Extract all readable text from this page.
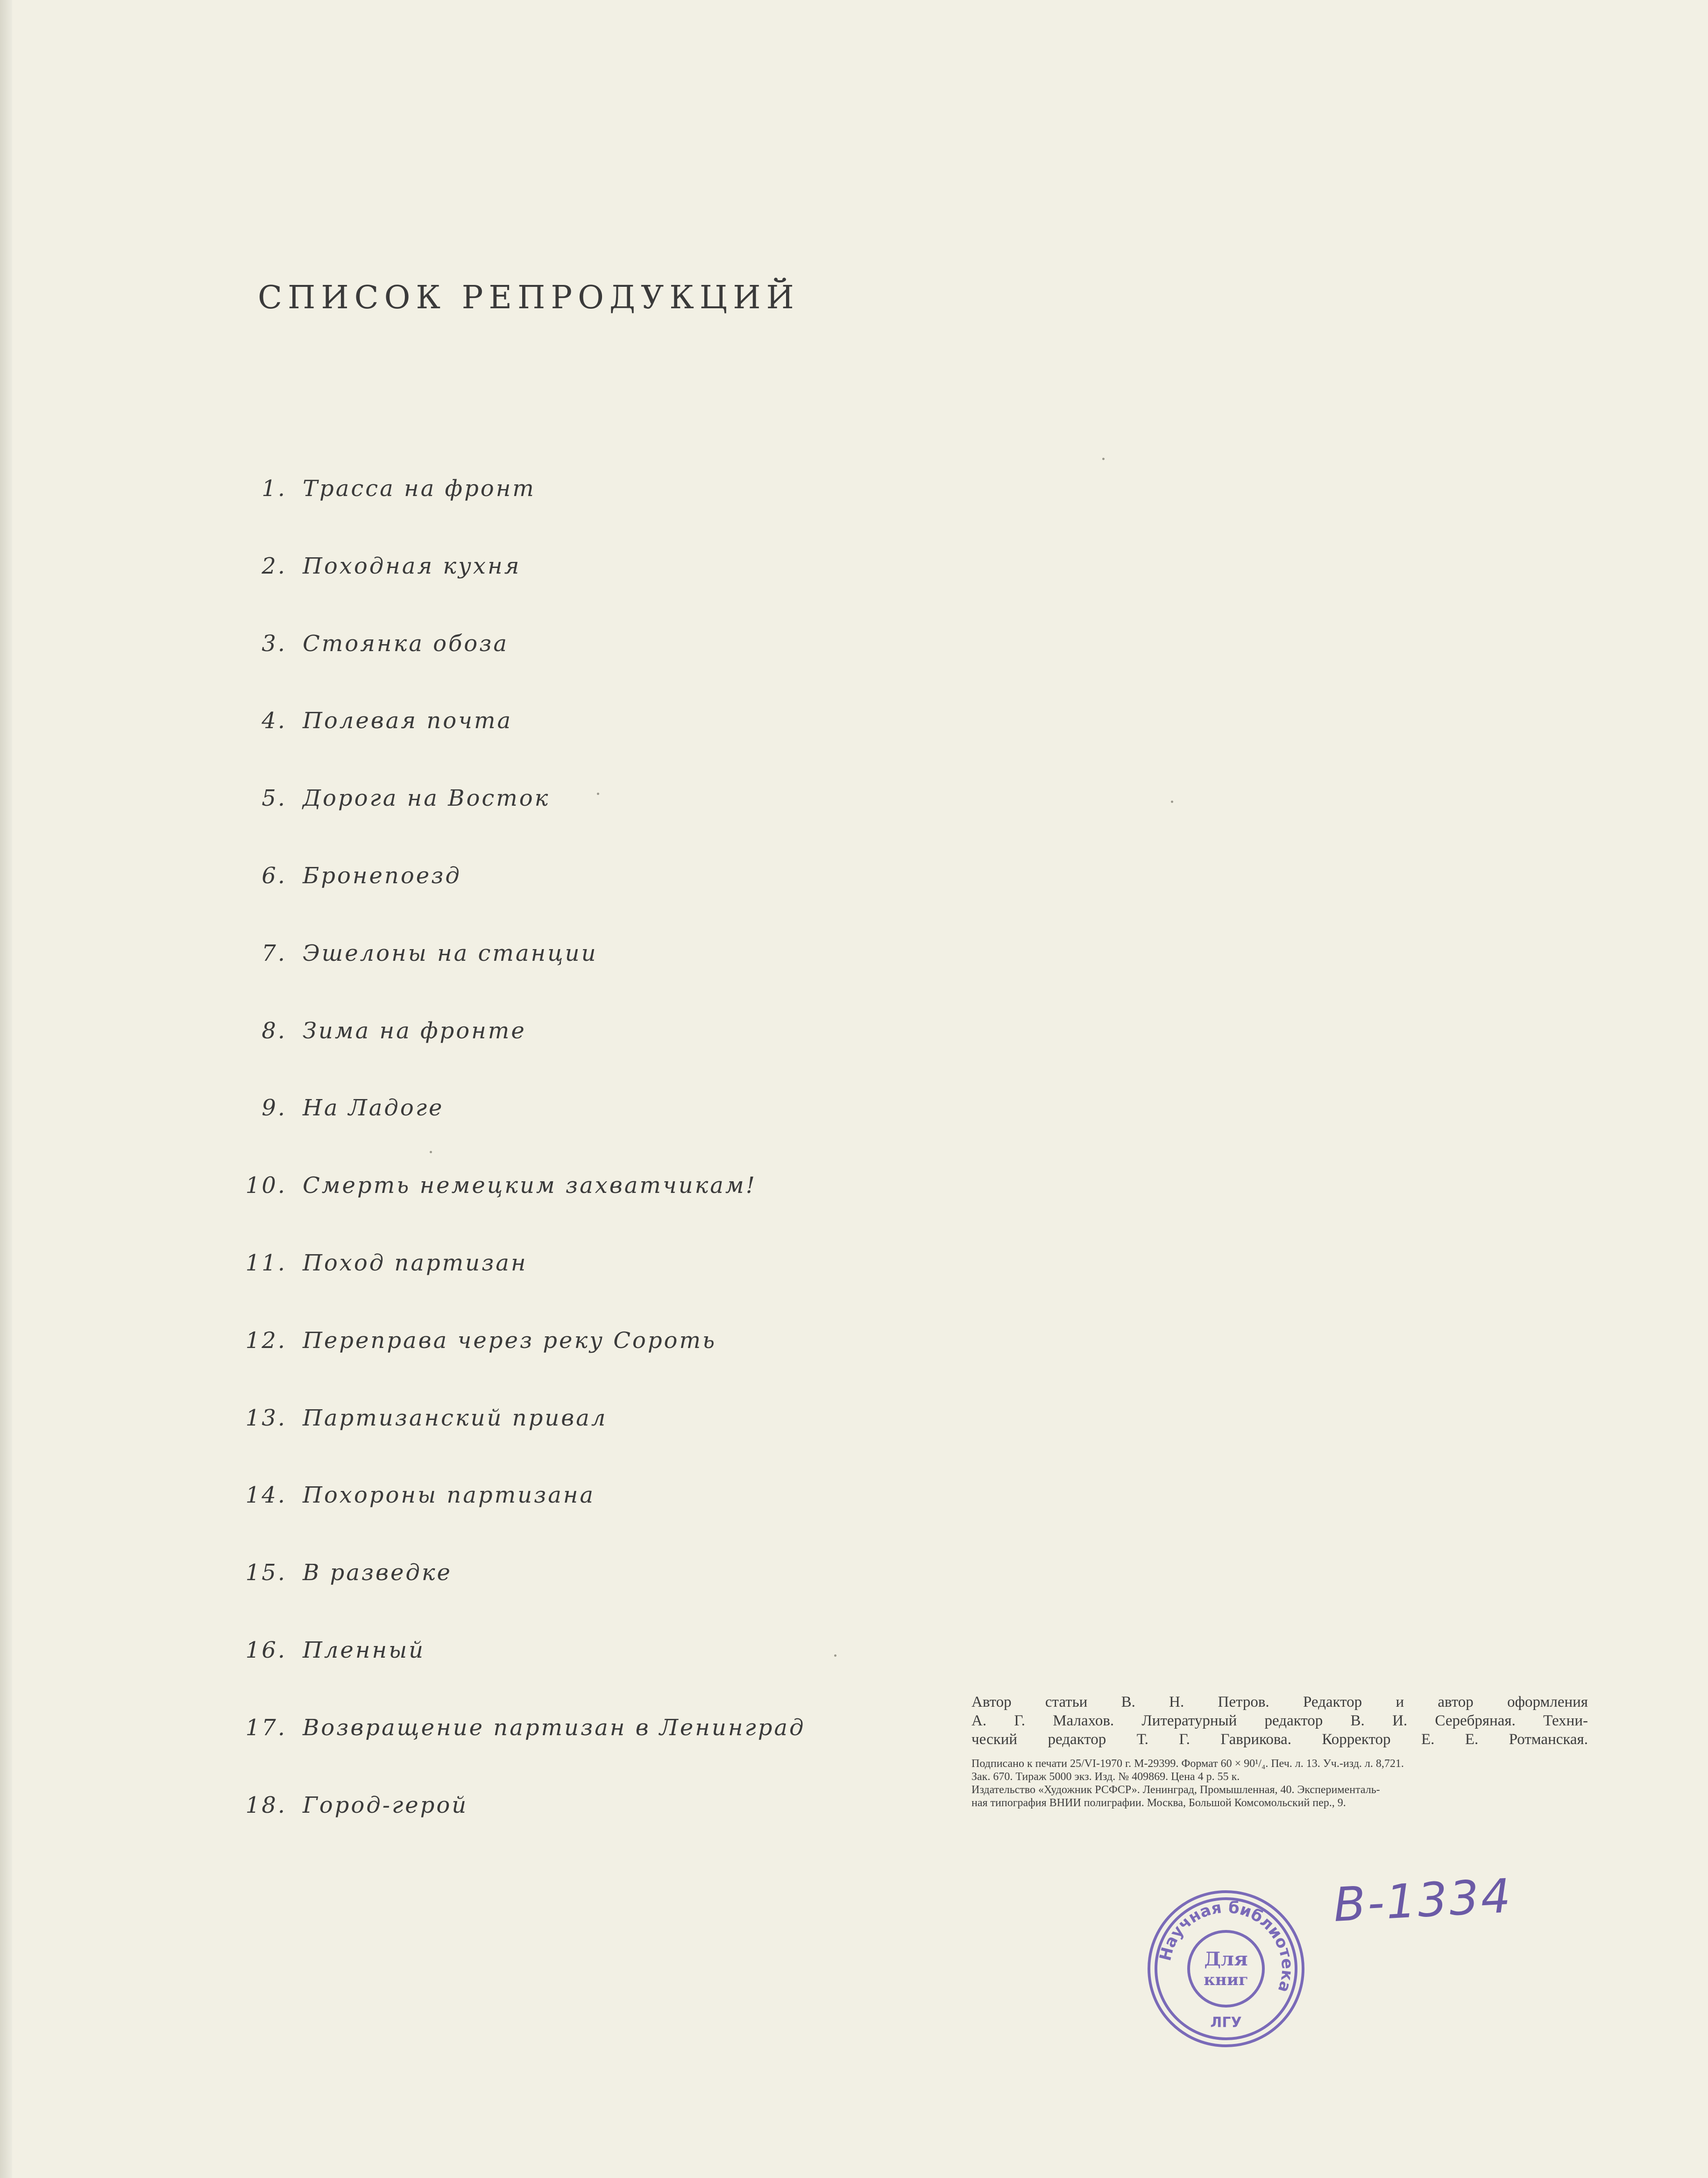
СПИСОК РЕПРОДУКЦИЙ
1. Трасса на фронт
2. Походная кухня
3. Стоянка обоза
4. Полевая почта
5. Дорога на Восток
6. Бронепоезд
7. Эшелоны на станции
8. Зима на фронте
9. На Ладоге
10. Смерть немецким захватчикам!
11. Поход партизан
12. Переправа через реку Сороть
13. Партизанский привал
14. Похороны партизана
15. В разведке
16. Пленный
17. Возвращение партизан в Ленинград
18. Город-герой
Автор статьи В. Н. Петров. Редактор и автор оформления
А. Г. Малахов. Литературный редактор В. И. Серебряная. Техни-
ческий редактор Т. Г. Гаврикова. Корректор Е. Е. Ротманская.
Подписано к печати 25/VI-1970 г. М-29399. Формат 60 × 90¹/₄. Печ. л. 13. Уч.-изд. л. 8,721.
Зак. 670. Тираж 5000 экз. Изд. № 409869. Цена 4 р. 55 к.
Издательство «Художник РСФСР». Ленинград, Промышленная, 40. Эксперименталь-
ная типография ВНИИ полиграфии. Москва, Большой Комсомольский пер., 9.
Научная библиотека
Для
книг
ЛГУ
В-1334
